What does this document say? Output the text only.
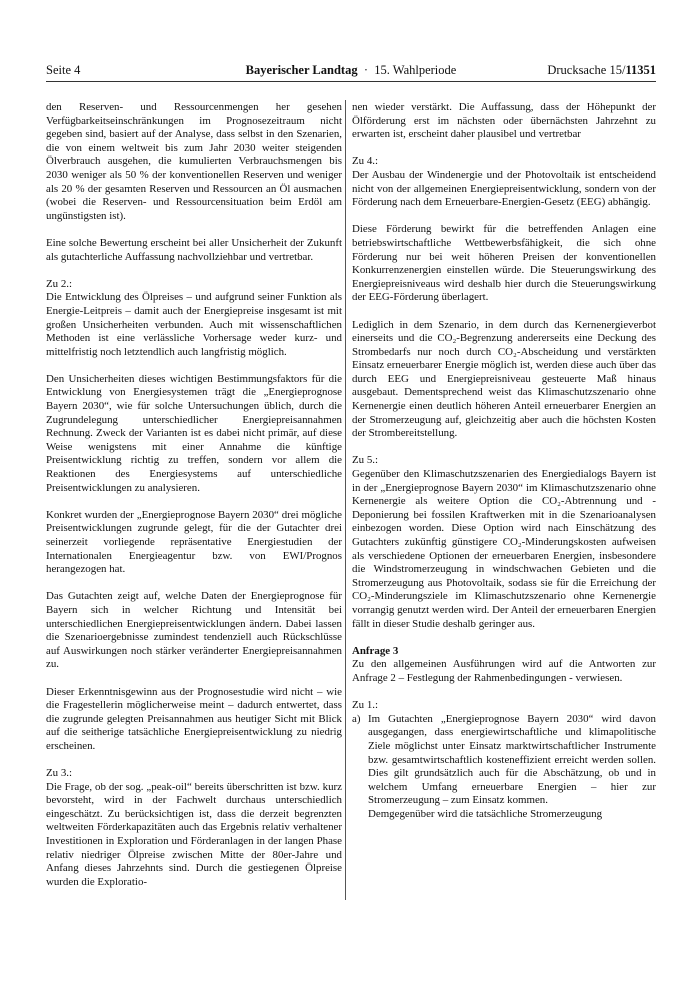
Seite 4	Bayerischer Landtag · 15. Wahlperiode	Drucksache 15/11351

den Reserven- und Ressourcenmengen her gesehen Verfügbarkeitseinschränkungen im Prognosezeitraum nicht gegeben sind, basiert auf der Analyse, dass selbst in den Szenarien, die von einem weltweit bis zum Jahr 2030 weiter steigenden Ölverbrauch ausgehen, die kumulierten Verbrauchsmengen bis 2030 weniger als 50 % der konventionellen Reserven und weniger als 20 % der gesamten Reserven und Ressourcen an Öl ausmachen (wobei die Reserven- und Ressourcensituation beim Erdöl am ungünstigsten ist).

Eine solche Bewertung erscheint bei aller Unsicherheit der Zukunft als gutachterliche Auffassung nachvollziehbar und vertretbar.

Zu 2.:

Die Entwicklung des Ölpreises – und aufgrund seiner Funktion als Energie-Leitpreis – damit auch der Energiepreise insgesamt ist mit großen Unsicherheiten verbunden. Auch mit wissenschaftlichen Methoden ist eine verlässliche Vorhersage weder kurz- und mittelfristig noch letztendlich auch langfristig möglich.

Den Unsicherheiten dieses wichtigen Bestimmungsfaktors für die Entwicklung von Energiesystemen trägt die „Energieprognose Bayern 2030“, wie für solche Untersuchungen üblich, durch die Zugrundelegung unterschiedlicher Energiepreisannahmen Rechnung. Zweck der Varianten ist es dabei nicht primär, auf diese Weise wenigstens mit einer Annahme die künftige Preisentwicklung richtig zu treffen, sondern vor allem die Reaktionen des Energiesystems auf unterschiedliche Preisentwicklungen zu analysieren.

Konkret wurden der „Energieprognose Bayern 2030“ drei mögliche Preisentwicklungen zugrunde gelegt, für die der Gutachter drei seinerzeit vorliegende repräsentative Energiestudien der Internationalen Energieagentur bzw. von EWI/Prognos herangezogen hat.

Das Gutachten zeigt auf, welche Daten der Energieprognose für Bayern sich in welcher Richtung und Intensität bei unterschiedlichen Energiepreisentwicklungen ändern. Dabei lassen die Szenarioergebnisse zumindest tendenziell auch Rückschlüsse auf Auswirkungen noch stärker veränderter Energiepreisannahmen zu.

Dieser Erkenntnisgewinn aus der Prognosestudie wird nicht – wie die Fragestellerin möglicherweise meint – dadurch entwertet, dass die zugrunde gelegten Preisannahmen aus heutiger Sicht mit Blick auf die seitherige tatsächliche Energiepreisentwicklung zu niedrig erscheinen.

Zu 3.:

Die Frage, ob der sog. „peak-oil“ bereits überschritten ist bzw. kurz bevorsteht, wird in der Fachwelt durchaus unterschiedlich eingeschätzt. Zu berücksichtigen ist, dass die derzeit begrenzten weltweiten Förderkapazitäten auch das Ergebnis relativ verhaltener Investitionen in Exploration und Förderanlagen in der langen Phase relativ niedriger Ölpreise zwischen Mitte der 80er-Jahre und Anfang dieses Jahrzehnts sind. Durch die gestiegenen Ölpreise wurden die Exploratio-

nen wieder verstärkt. Die Auffassung, dass der Höhepunkt der Ölförderung erst im nächsten oder übernächsten Jahrzehnt zu erwarten ist, erscheint daher plausibel und vertretbar

Zu 4.:

Der Ausbau der Windenergie und der Photovoltaik ist entscheidend nicht von der allgemeinen Energiepreisentwicklung, sondern von der Förderung nach dem Erneuerbare-Energien-Gesetz (EEG) abhängig.

Diese Förderung bewirkt für die betreffenden Anlagen eine betriebswirtschaftliche Wettbewerbsfähigkeit, die sich ohne Förderung nur bei weit höheren Preisen der konventionellen Konkurrenzenergien einstellen würde. Die Steuerungswirkung des Energiepreisniveaus wird deshalb hier durch die Steuerungswirkung der EEG-Förderung überlagert.

Lediglich in dem Szenario, in dem durch das Kernenergieverbot einerseits und die CO₂-Begrenzung andererseits eine Deckung des Strombedarfs nur noch durch CO₂-Abscheidung und verstärkten Einsatz erneuerbarer Energie möglich ist, werden diese auch über das durch EEG und Energiepreisniveau gesteuerte Maß hinaus ausgebaut. Dementsprechend weist das Klimaschutzszenario ohne Kernenergie einen deutlich höheren Anteil erneuerbarer Energien an der Stromerzeugung auf, gleichzeitig aber auch die höchsten Kosten der Strombereitstellung.

Zu 5.:

Gegenüber den Klimaschutzszenarien des Energiedialogs Bayern ist in der „Energieprognose Bayern 2030“ im Klimaschutzszenario ohne Kernenergie als weitere Option die CO₂-Abtrennung und -Deponierung bei fossilen Kraftwerken mit in die Szenarioanalysen einbezogen worden. Diese Option wird nach Einschätzung des Gutachters zukünftig günstigere CO₂-Minderungskosten aufweisen als verschiedene Optionen der erneuerbaren Energien, insbesondere die Windstromerzeugung in windschwachen Gebieten und die Stromerzeugung aus Photovoltaik, sodass sie für die Erreichung der CO₂-Minderungsziele im Klimaschutzszenario ohne Kernenergie vorrangig genutzt werden wird. Der Anteil der erneuerbaren Energien fällt in dieser Studie deshalb geringer aus.

Anfrage 3

Zu den allgemeinen Ausführungen wird auf die Antworten zur Anfrage 2 – Festlegung der Rahmenbedingungen - verwiesen.

Zu 1.:

a) Im Gutachten „Energieprognose Bayern 2030“ wird davon ausgegangen, dass energiewirtschaftliche und klimapolitische Ziele möglichst unter Einsatz marktwirtschaftlicher Instrumente bzw. gesamtwirtschaftlich kosteneffizient erreicht werden sollen. Dies gilt grundsätzlich auch für die Abschätzung, ob und in welchem Umfang erneuerbare Energien – hier zur Stromerzeugung – zum Einsatz kommen.
Demgegenüber wird die tatsächliche Stromerzeugung
